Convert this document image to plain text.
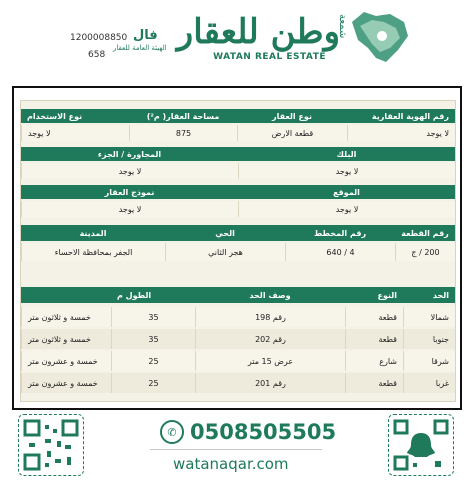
شمعة
وطن للعقار
WATAN REAL ESTATE
فال
الهيئة العامة للعقار
1200008850
658
رقم الهوية العقارية
نوع العقار
مساحة العقار( م²)
نوع الاستخدام
لا يوجد
قطعة الارض
875
لا يوجد
البلك
المجاورة / الجزء
لا يوجد
لا يوجد
الموقع
نموذج العقار
لا يوجد
لا يوجد
رقم القطعة
رقم المخطط
الحي
المدينة
200 / ج
4 / 640
هجر الثاني
الجفر بمحافظة الاحساء
الحد
النوع
وصف الحد
الطول م
شمالا
قطعة
رقم 198
35
خمسة و ثلاثون متر
جنوبا
قطعة
رقم 202
35
خمسة و ثلاثون متر
شرقا
شارع
عرض 15 متر
25
خمسة و عشرون متر
غربا
قطعة
رقم 201
25
خمسة و عشرون متر
✆ 0508505505
watanaqar.com
